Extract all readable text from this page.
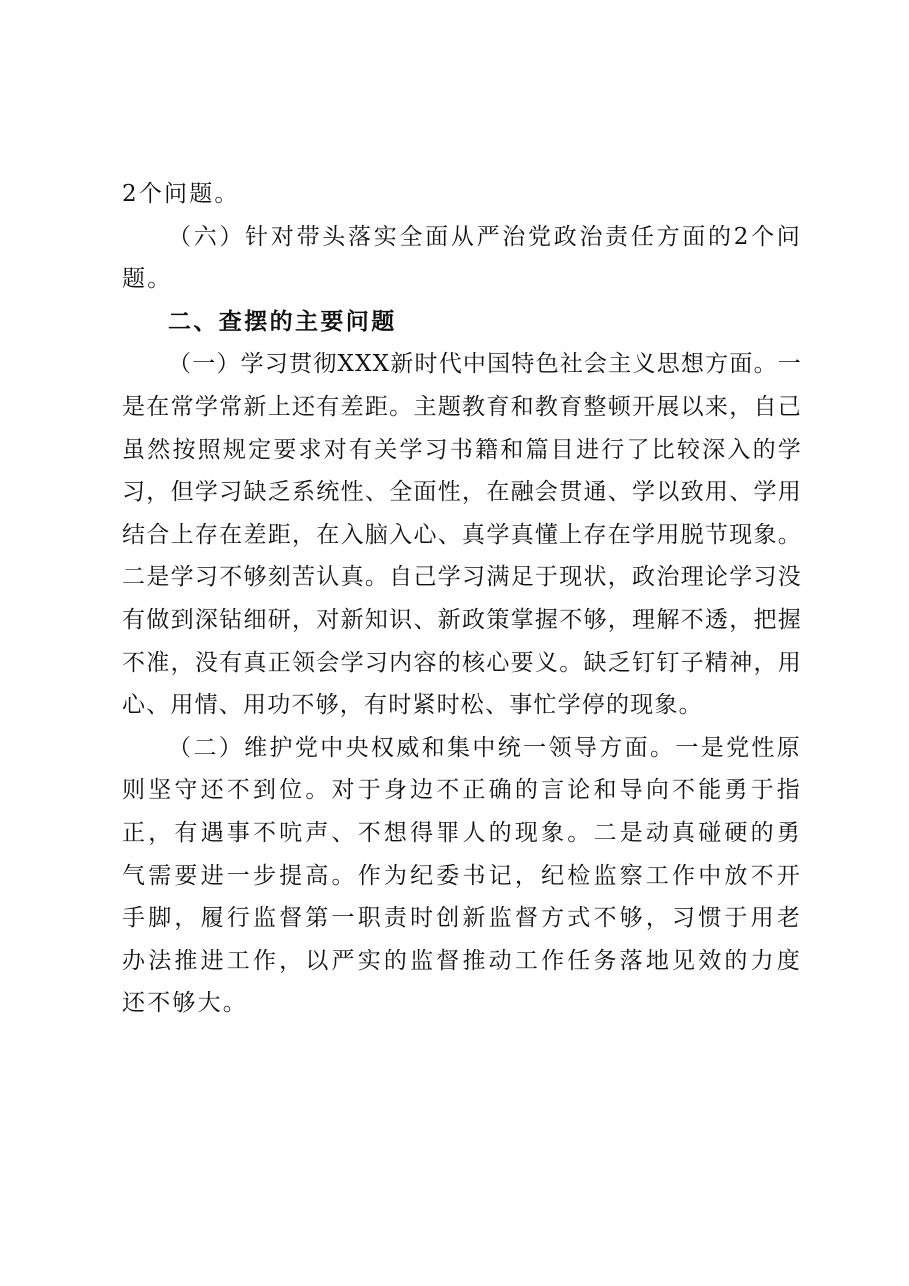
2个问题。

（六）针对带头落实全面从严治党政治责任方面的2个问题。

二、查摆的主要问题

（一）学习贯彻XXX新时代中国特色社会主义思想方面。一是在常学常新上还有差距。主题教育和教育整顿开展以来，自己虽然按照规定要求对有关学习书籍和篇目进行了比较深入的学习，但学习缺乏系统性、全面性，在融会贯通、学以致用、学用结合上存在差距，在入脑入心、真学真懂上存在学用脱节现象。二是学习不够刻苦认真。自己学习满足于现状，政治理论学习没有做到深钻细研，对新知识、新政策掌握不够，理解不透，把握不准，没有真正领会学习内容的核心要义。缺乏钉钉子精神，用心、用情、用功不够，有时紧时松、事忙学停的现象。

（二）维护党中央权威和集中统一领导方面。一是党性原则坚守还不到位。对于身边不正确的言论和导向不能勇于指正，有遇事不吭声、不想得罪人的现象。二是动真碰硬的勇气需要进一步提高。作为纪委书记，纪检监察工作中放不开手脚，履行监督第一职责时创新监督方式不够，习惯于用老办法推进工作，以严实的监督推动工作任务落地见效的力度还不够大。
